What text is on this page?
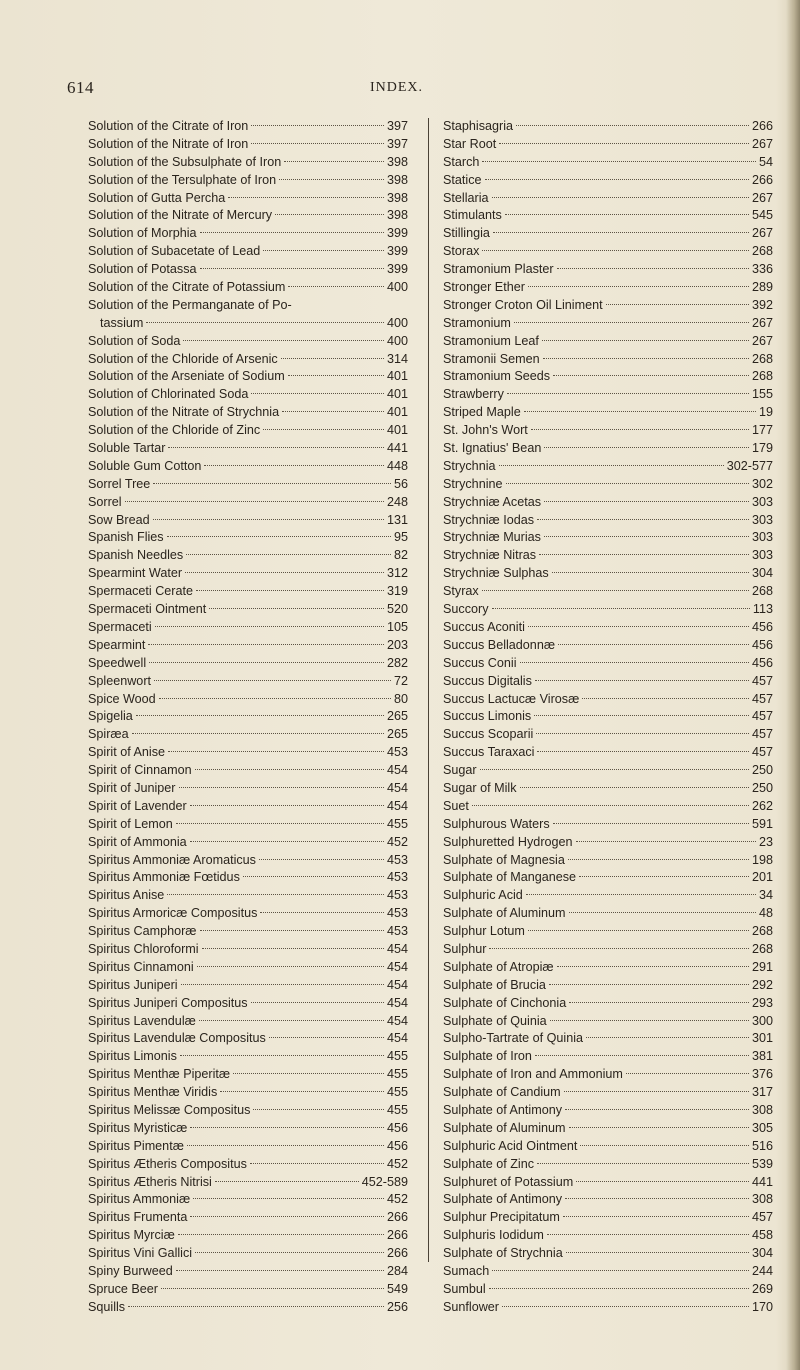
614	INDEX.
Solution of the Citrate of Iron	397
Solution of the Nitrate of Iron	397
Solution of the Subsulphate of Iron	398
Solution of the Tersulphate of Iron	398
Solution of Gutta Percha	398
Solution of the Nitrate of Mercury	398
Solution of Morphia	399
Solution of Subacetate of Lead	399
Solution of Potassa	399
Solution of the Citrate of Potassium	400
Solution of the Permanganate of Po-
tassium	400
Solution of Soda	400
Solution of the Chloride of Arsenic	314
Solution of the Arseniate of Sodium	401
Solution of Chlorinated Soda	401
Solution of the Nitrate of Strychnia	401
Solution of the Chloride of Zinc	401
Soluble Tartar	441
Soluble Gum Cotton	448
Sorrel Tree	56
Sorrel	248
Sow Bread	131
Spanish Flies	95
Spanish Needles	82
Spearmint Water	312
Spermaceti Cerate	319
Spermaceti Ointment	520
Spermaceti	105
Spearmint	203
Speedwell	282
Spleenwort	72
Spice Wood	80
Spigelia	265
Spiræa	265
Spirit of Anise	453
Spirit of Cinnamon	454
Spirit of Juniper	454
Spirit of Lavender	454
Spirit of Lemon	455
Spirit of Ammonia	452
Spiritus Ammoniæ Aromaticus	453
Spiritus Ammoniæ Fœtidus	453
Spiritus Anise	453
Spiritus Armoricæ Compositus	453
Spiritus Camphoræ	453
Spiritus Chloroformi	454
Spiritus Cinnamoni	454
Spiritus Juniperi	454
Spiritus Juniperi Compositus	454
Spiritus Lavendulæ	454
Spiritus Lavendulæ Compositus	454
Spiritus Limonis	455
Spiritus Menthæ Piperitæ	455
Spiritus Menthæ Viridis	455
Spiritus Melissæ Compositus	455
Spiritus Myristicæ	456
Spiritus Pimentæ	456
Spiritus Ætheris Compositus	452
Spiritus Ætheris Nitrisi	452-589
Spiritus Ammoniæ	452
Spiritus Frumenta	266
Spiritus Myrciæ	266
Spiritus Vini Gallici	266
Spiny Burweed	284
Spruce Beer	549
Squills	256
Staphisagria	266
Star Root	267
Starch	54
Statice	266
Stellaria	267
Stimulants	545
Stillingia	267
Storax	268
Stramonium Plaster	336
Stronger Ether	289
Stronger Croton Oil Liniment	392
Stramonium	267
Stramonium Leaf	267
Stramonii Semen	268
Stramonium Seeds	268
Strawberry	155
Striped Maple	19
St. John's Wort	177
St. Ignatius' Bean	179
Strychnia	302-577
Strychnine	302
Strychniæ Acetas	303
Strychniæ Iodas	303
Strychniæ Murias	303
Strychniæ Nitras	303
Strychniæ Sulphas	304
Styrax	268
Succory	113
Succus Aconiti	456
Succus Belladonnæ	456
Succus Conii	456
Succus Digitalis	457
Succus Lactucæ Virosæ	457
Succus Limonis	457
Succus Scoparii	457
Succus Taraxaci	457
Sugar	250
Sugar of Milk	250
Suet	262
Sulphurous Waters	591
Sulphuretted Hydrogen	23
Sulphate of Magnesia	198
Sulphate of Manganese	201
Sulphuric Acid	34
Sulphate of Aluminum	48
Sulphur Lotum	268
Sulphur	268
Sulphate of Atropiæ	291
Sulphate of Brucia	292
Sulphate of Cinchonia	293
Sulphate of Quinia	300
Sulpho-Tartrate of Quinia	301
Sulphate of Iron	381
Sulphate of Iron and Ammonium	376
Sulphate of Candium	317
Sulphate of Antimony	308
Sulphate of Aluminum	305
Sulphuric Acid Ointment	516
Sulphate of Zinc	539
Sulphuret of Potassium	441
Sulphate of Antimony	308
Sulphur Precipitatum	457
Sulphuris Iodidum	458
Sulphate of Strychnia	304
Sumach	244
Sumbul	269
Sunflower	170
